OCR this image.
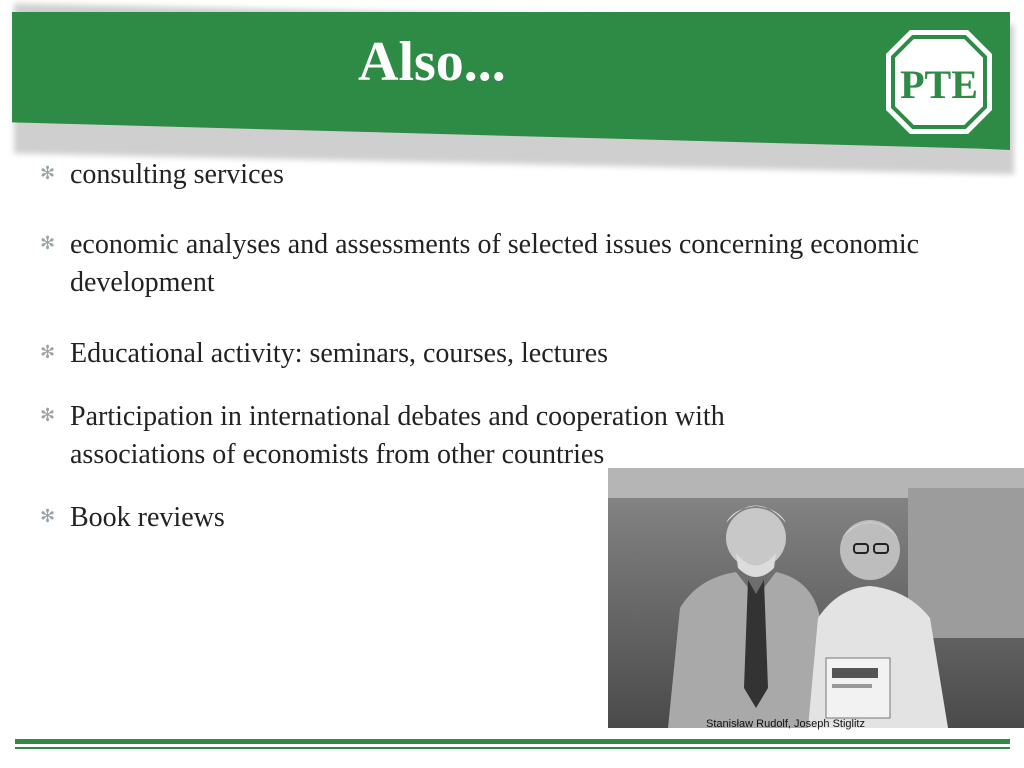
Also...	PTE
✻ consulting services
✻ economic analyses and assessments of selected issues concerning economic development
✻ Educational activity: seminars, courses, lectures
✻ Participation in international debates and cooperation with associations of economists from other countries
✻ Book reviews
Stanisław Rudolf, Joseph Stiglitz
